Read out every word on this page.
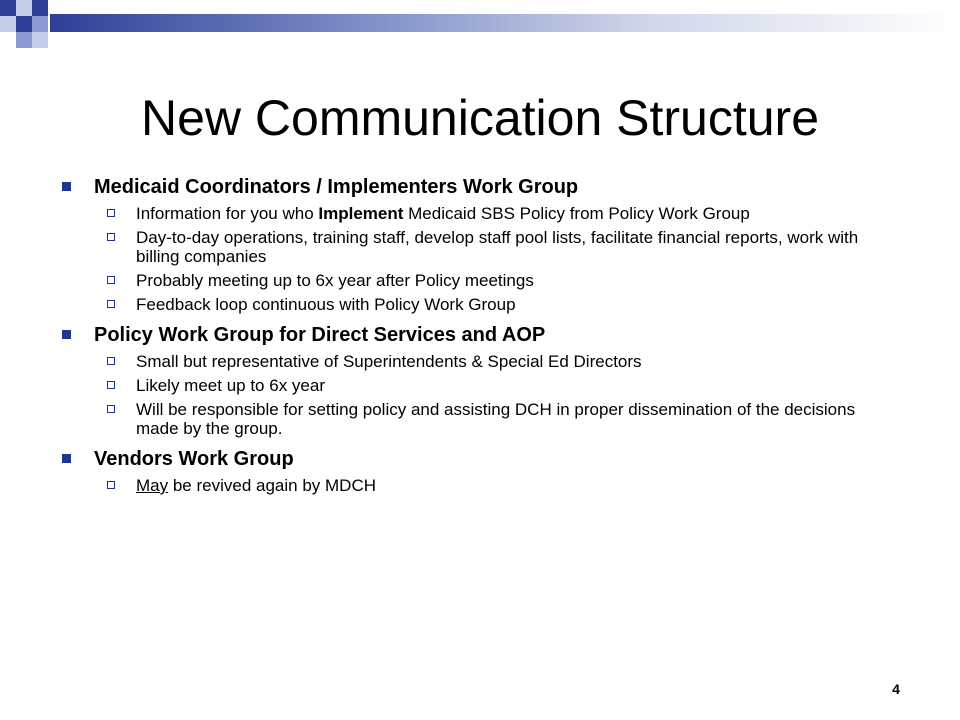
New Communication Structure
Medicaid Coordinators / Implementers Work Group
Information for you who Implement Medicaid SBS Policy from Policy Work Group
Day-to-day operations, training staff, develop staff pool lists, facilitate financial reports, work with billing companies
Probably meeting up to 6x year after Policy meetings
Feedback loop continuous with Policy Work Group
Policy Work Group for Direct Services and AOP
Small but representative of Superintendents & Special Ed Directors
Likely meet up to 6x year
Will be responsible for setting policy and assisting DCH in proper dissemination of the decisions made by the group.
Vendors Work Group
May be revived again by MDCH
4
